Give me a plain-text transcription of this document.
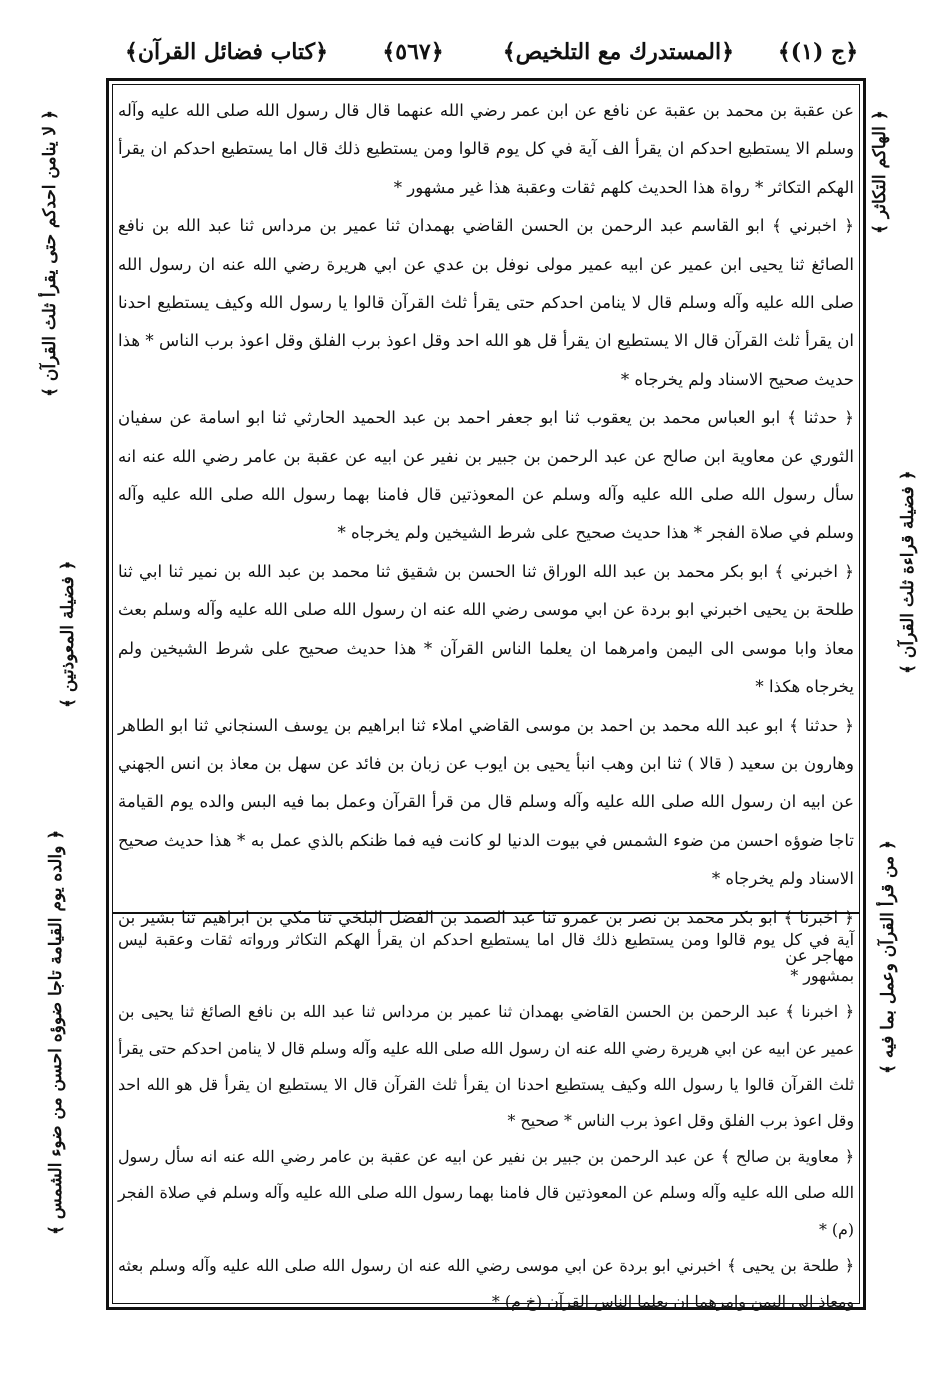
﴿ج (١)﴾
﴿المستدرك مع التلخيص﴾
﴿٥٦٧﴾
﴿كتاب فضائل القرآن﴾

عن عقبة بن محمد بن عقبة عن نافع عن ابن عمر رضي الله عنهما قال قال رسول الله صلى الله عليه وآله وسلم الا يستطيع احدكم ان يقرأ الف آية في كل يوم قالوا ومن يستطيع ذلك قال اما يستطيع احدكم ان يقرأ الهكم التكاثر * رواة هذا الحديث كلهم ثقات وعقبة هذا غير مشهور *

﴿ اخبرني ﴾ ابو القاسم عبد الرحمن بن الحسن القاضي بهمدان ثنا عمير بن مرداس ثنا عبد الله بن نافع الصائغ ثنا يحيى ابن عمير عن ابيه عمير مولى نوفل بن عدي عن ابي هريرة رضي الله عنه ان رسول الله صلى الله عليه وآله وسلم قال لا ينامن احدكم حتى يقرأ ثلث القرآن قالوا يا رسول الله وكيف يستطيع احدنا ان يقرأ ثلث القرآن قال الا يستطيع ان يقرأ قل هو الله احد وقل اعوذ برب الفلق وقل اعوذ برب الناس * هذا حديث صحيح الاسناد ولم يخرجاه *

﴿ حدثنا ﴾ ابو العباس محمد بن يعقوب ثنا ابو جعفر احمد بن عبد الحميد الحارثي ثنا ابو اسامة عن سفيان الثوري عن معاوية ابن صالح عن عبد الرحمن بن جبير بن نفير عن ابيه عن عقبة بن عامر رضي الله عنه انه سأل رسول الله صلى الله عليه وآله وسلم عن المعوذتين قال فامنا بهما رسول الله صلى الله عليه وآله وسلم في صلاة الفجر * هذا حديث صحيح على شرط الشيخين ولم يخرجاه *

﴿ اخبرني ﴾ ابو بكر محمد بن عبد الله الوراق ثنا الحسن بن شقيق ثنا محمد بن عبد الله بن نمير ثنا ابي ثنا طلحة بن يحيى اخبرني ابو بردة عن ابي موسى رضي الله عنه ان رسول الله صلى الله عليه وآله وسلم بعث معاذ وابا موسى الى اليمن وامرهما ان يعلما الناس القرآن * هذا حديث صحيح على شرط الشيخين ولم يخرجاه هكذا *

﴿ حدثنا ﴾ ابو عبد الله محمد بن احمد بن موسى القاضي املاء ثنا ابراهيم بن يوسف السنجاني ثنا ابو الطاهر وهارون بن سعيد ( قالا ) ثنا ابن وهب انبأ يحيى بن ايوب عن زبان بن فائد عن سهل بن معاذ بن انس الجهني عن ابيه ان رسول الله صلى الله عليه وآله وسلم قال من قرأ القرآن وعمل بما فيه البس والده يوم القيامة تاجا ضوؤه احسن من ضوء الشمس في بيوت الدنيا لو كانت فيه فما ظنكم بالذي عمل به * هذا حديث صحيح الاسناد ولم يخرجاه *

﴿ اخبرنا ﴾ ابو بكر محمد بن نصر بن عمرو ثنا عبد الصمد بن الفضل البلخي ثنا مكي بن ابراهيم ثنا بشير بن مهاجر عن

آية في كل يوم قالوا ومن يستطيع ذلك قال اما يستطيع احدكم ان يقرأ الهكم التكاثر ورواته ثقات وعقبة ليس بمشهور *

﴿ اخبرنا ﴾ عبد الرحمن بن الحسن القاضي بهمدان ثنا عمير بن مرداس ثنا عبد الله بن نافع الصائغ ثنا يحيى بن عمير عن ابيه عن ابي هريرة رضي الله عنه ان رسول الله صلى الله عليه وآله وسلم قال لا ينامن احدكم حتى يقرأ ثلث القرآن قالوا يا رسول الله وكيف يستطيع احدنا ان يقرأ ثلث القرآن قال الا يستطيع ان يقرأ قل هو الله احد وقل اعوذ برب الفلق وقل اعوذ برب الناس * صحيح *

﴿ معاوية بن صالح ﴾ عن عبد الرحمن بن جبير بن نفير عن ابيه عن عقبة بن عامر رضي الله عنه انه سأل رسول الله صلى الله عليه وآله وسلم عن المعوذتين قال فامنا بهما رسول الله صلى الله عليه وآله وسلم في صلاة الفجر (م) *

﴿ طلحة بن يحيى ﴾ اخبرني ابو بردة عن ابي موسى رضي الله عنه ان رسول الله صلى الله عليه وآله وسلم بعثه ومعاذ الى اليمن وامرهما ان يعلما الناس القرآن (خ م) *

﴿ الهاكم التكاثر ﴾
﴿ فضيلة قراءة ثلث القرآن ﴾
﴿ من قرأ القرآن وعمل بما فيه ﴾
﴿ لا ينامن احدكم حتى يقرأ ثلث القرآن ﴾
﴿ فضيلة المعوذتين ﴾
﴿ والده يوم القيامة تاجا ضوؤه احسن من ضوء الشمس ﴾
